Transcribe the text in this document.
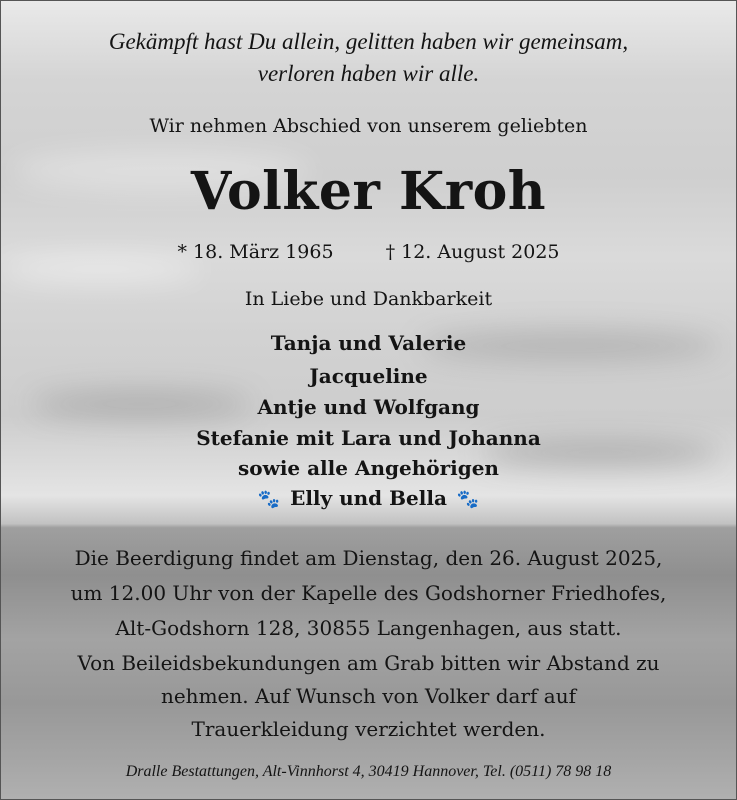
Gekämpft hast Du allein, gelitten haben wir gemeinsam,
verloren haben wir alle.
Wir nehmen Abschied von unserem geliebten
Volker Kroh
* 18. März 1965	† 12. August 2025
In Liebe und Dankbarkeit
Tanja und Valerie
Jacqueline
Antje und Wolfgang
Stefanie mit Lara und Johanna
sowie alle Angehörigen
🐾 Elly und Bella 🐾
Die Beerdigung findet am Dienstag, den 26. August 2025,
um 12.00 Uhr von der Kapelle des Godshorner Friedhofes,
Alt-Godshorn 128, 30855 Langenhagen, aus statt.
Von Beileidsbekundungen am Grab bitten wir Abstand zu
nehmen. Auf Wunsch von Volker darf auf
Trauerkleidung verzichtet werden.
Dralle Bestattungen, Alt-Vinnhorst 4, 30419 Hannover, Tel. (0511) 78 98 18
